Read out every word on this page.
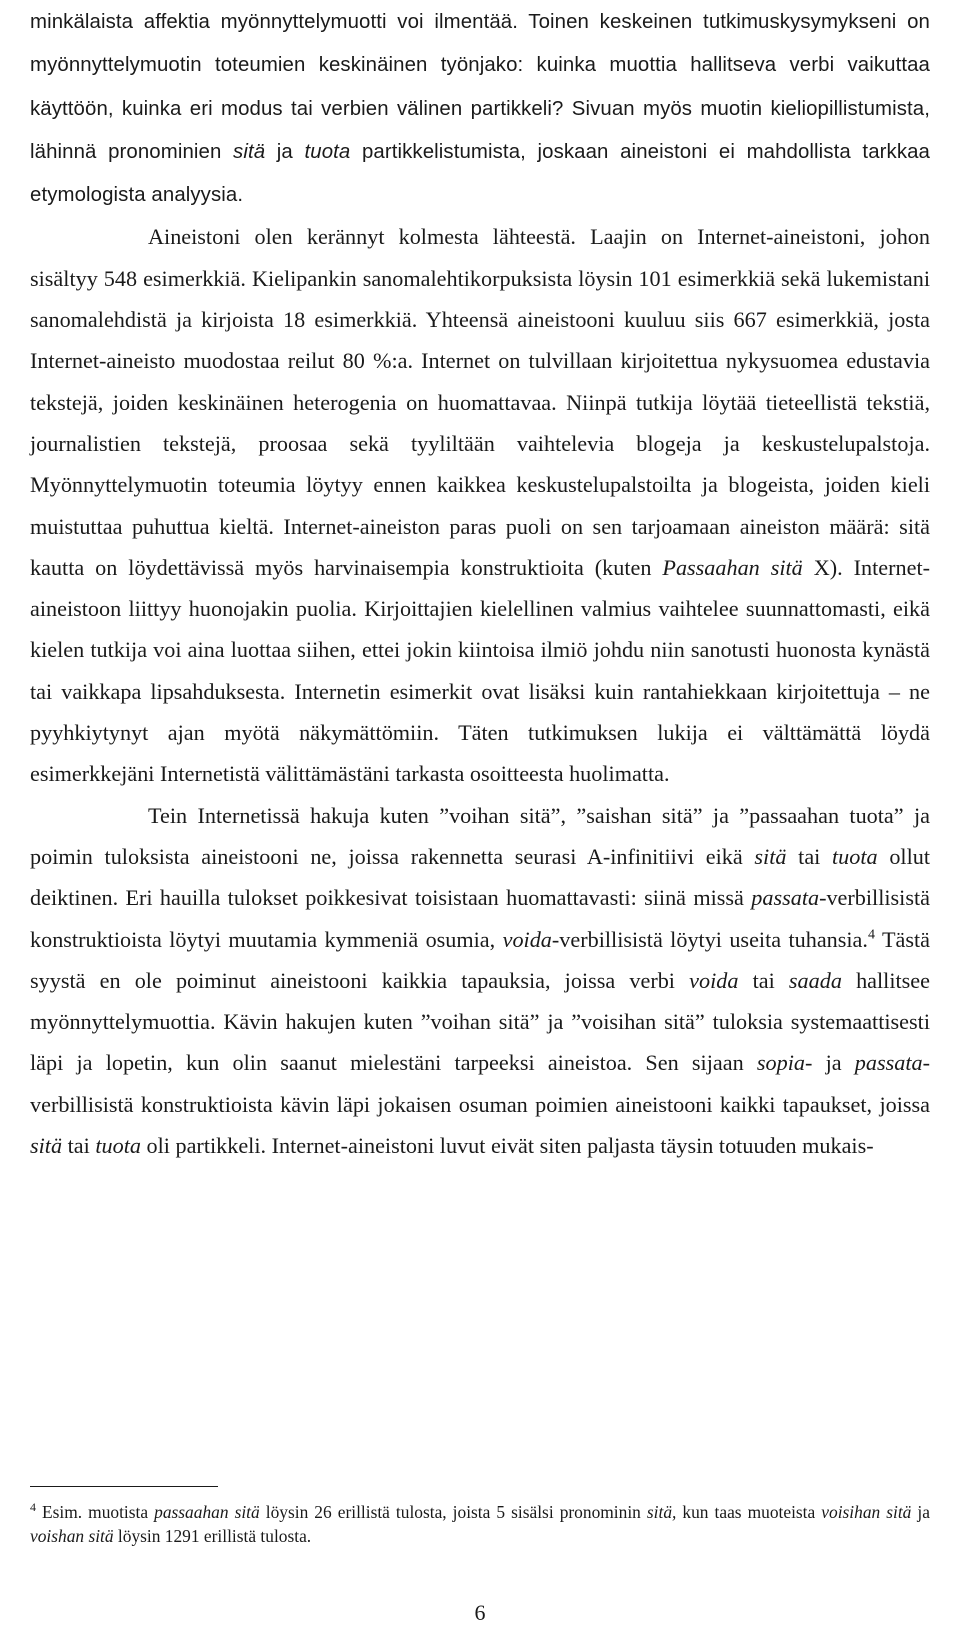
minkälaista affektia myönnyttelymuotti voi ilmentää. Toinen keskeinen tutkimuskysymykseni on myönnyttelymuotin toteumien keskinäinen työnjako: kuinka muottia hallitseva verbi vaikuttaa käyttöön, kuinka eri modus tai verbien välinen partikkeli? Sivuan myös muotin kieliopillistumista, lähinnä pronominien sitä ja tuota partikkelistumista, joskaan aineistoni ei mahdollista tarkkaa etymologista analyysia.

Aineistoni olen kerännyt kolmesta lähteestä. Laajin on Internet-aineistoni, johon sisältyy 548 esimerkkiä. Kielipankin sanomalehtikorpuksista löysin 101 esimerkkiä sekä lukemistani sanomalehdistä ja kirjoista 18 esimerkkiä. Yhteensä aineistooni kuuluu siis 667 esimerkkiä, josta Internet-aineisto muodostaa reilut 80 %:a. Internet on tulvillaan kirjoitettua nykysuomea edustavia tekstejä, joiden keskinäinen heterogenia on huomattavaa. Niinpä tutkija löytää tieteellistä tekstiä, journalistien tekstejä, proosaa sekä tyyliltään vaihtelevia blogeja ja keskustelupalstoja. Myönnyttelymuotin toteumia löytyy ennen kaikkea keskustelupalstoilta ja blogeista, joiden kieli muistuttaa puhuttua kieltä. Internet-aineiston paras puoli on sen tarjoamaan aineiston määrä: sitä kautta on löydettävissä myös harvinaisempia konstruktioita (kuten Passaahan sitä X). Internet-aineistoon liittyy huonojakin puolia. Kirjoittajien kielellinen valmius vaihtelee suunnattomasti, eikä kielen tutkija voi aina luottaa siihen, ettei jokin kiintoisa ilmiö johdu niin sanotusti huonosta kynästä tai vaikkapa lipsahduksesta. Internetin esimerkit ovat lisäksi kuin rantahiekkaan kirjoitettuja – ne pyyhkiytynyt ajan myötä näkymättömiin. Täten tutkimuksen lukija ei välttämättä löydä esimerkkejäni Internetistä välittämästäni tarkasta osoitteesta huolimatta.

Tein Internetissä hakuja kuten ”voihan sitä”, ”saishan sitä” ja ”passaahan tuota” ja poimin tuloksista aineistooni ne, joissa rakennetta seurasi A-infinitiivi eikä sitä tai tuota ollut deiktinen. Eri hauilla tulokset poikkesivat toisistaan huomattavasti: siinä missä passata-verbillisistä konstruktioista löytyi muutamia kymmeniä osumia, voida-verbillisistä löytyi useita tuhansia.$^4$ Tästä syystä en ole poiminut aineistooni kaikkia tapauksia, joissa verbi voida tai saada hallitsee myönnyttelymuottia. Kävin hakujen kuten ”voihan sitä” ja ”voisihan sitä” tuloksia systemaattisesti läpi ja lopetin, kun olin saanut mielestäni tarpeeksi aineistoa. Sen sijaan sopia- ja passata-verbillisistä konstruktioista kävin läpi jokaisen osuman poimien aineistooni kaikki tapaukset, joissa sitä tai tuota oli partikkeli. Internet-aineistoni luvut eivät siten paljasta täysin totuuden mukais-

$^4$ Esim. muotista passaahan sitä löysin 26 erillistä tulosta, joista 5 sisälsi pronominin sitä, kun taas muoteista voisihan sitä ja voishan sitä löysin 1291 erillistä tulosta.
6
